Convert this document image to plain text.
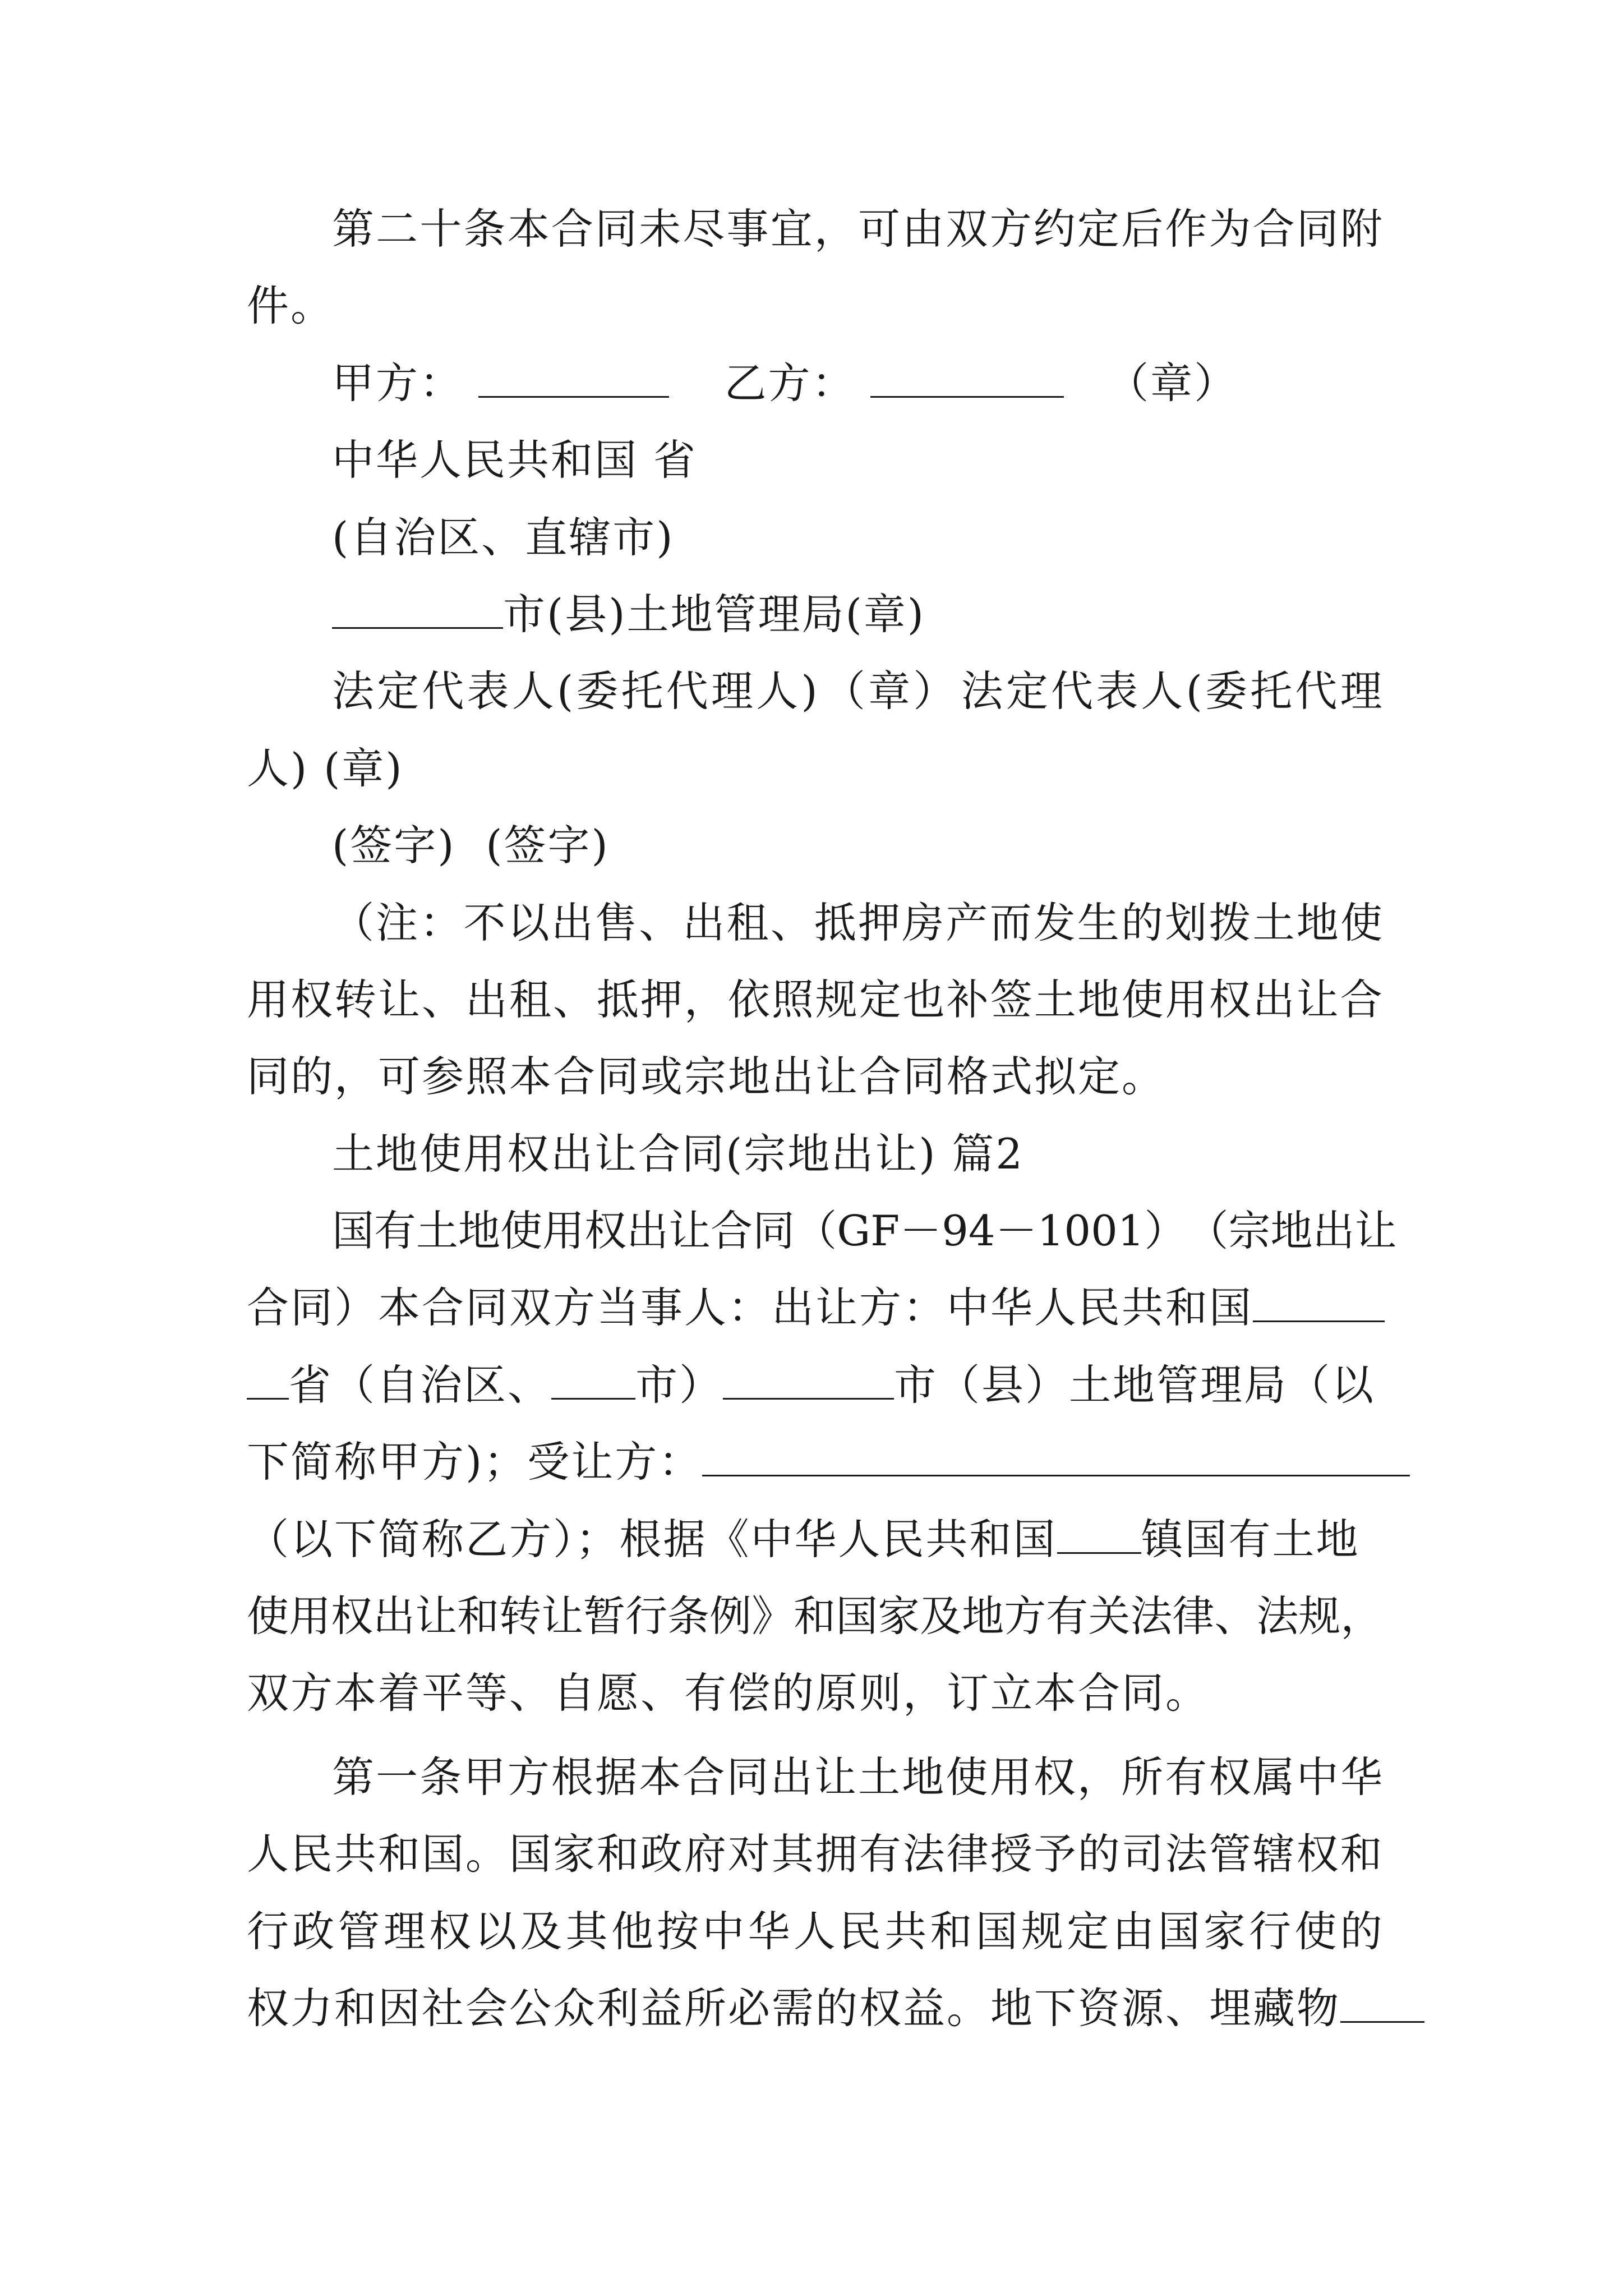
第 二 十 条 本 合 同 未 尽 事 宜 ， 可 由 双 方 约 定 后 作 为 合 同 附
件。
甲方：	乙方：	（章）
中华人民共和国 省
(自治区、直辖市)
市(县)土地管理局(章)
法 定 代 表 人 ( 委 托 代 理 人 ) （ 章 ） 法 定 代 表 人 ( 委 托 代 理
人) (章)
(签字)  (签字)
（ 注 ： 不 以 出 售 、 出 租 、 抵 押 房 产 而 发 生 的 划 拨 土 地 使
用 权 转 让 、 出 租 、 抵 押 ， 依 照 规 定 也 补 签 土 地 使 用 权 出 让 合
同的，可参照本合同或宗地出让合同格式拟定。
土地使用权出让合同(宗地出让) 篇2
国 有 土 地 使 用 权 出 让 合 同 （ G F － 9 4 － 1 0 0 1 ） （ 宗 地 出 让
合同）本合同双方当事人：出让方：中华人民共和国
省（自治区、 市）	市（县）土地管理局（以
下简称甲方)；受让方：
（以下简称乙方）；根据《中华人民共和国 镇国有土地
使 用 权 出 让 和 转 让 暂 行 条 例 》 和 国 家 及 地 方 有 关 法 律 、 法 规 ，
双方本着平等、自愿、有偿的原则，订立本合同。
第 一 条 甲 方 根 据 本 合 同 出 让 土 地 使 用 权 ， 所 有 权 属 中 华
人 民 共 和 国 。 国 家 和 政 府 对 其 拥 有 法 律 授 予 的 司 法 管 辖 权 和
行 政 管 理 权 以 及 其 他 按 中 华 人 民 共 和 国 规 定 由 国 家 行 使 的
权力和因社会公众利益所必需的权益。地下资源、埋藏物
